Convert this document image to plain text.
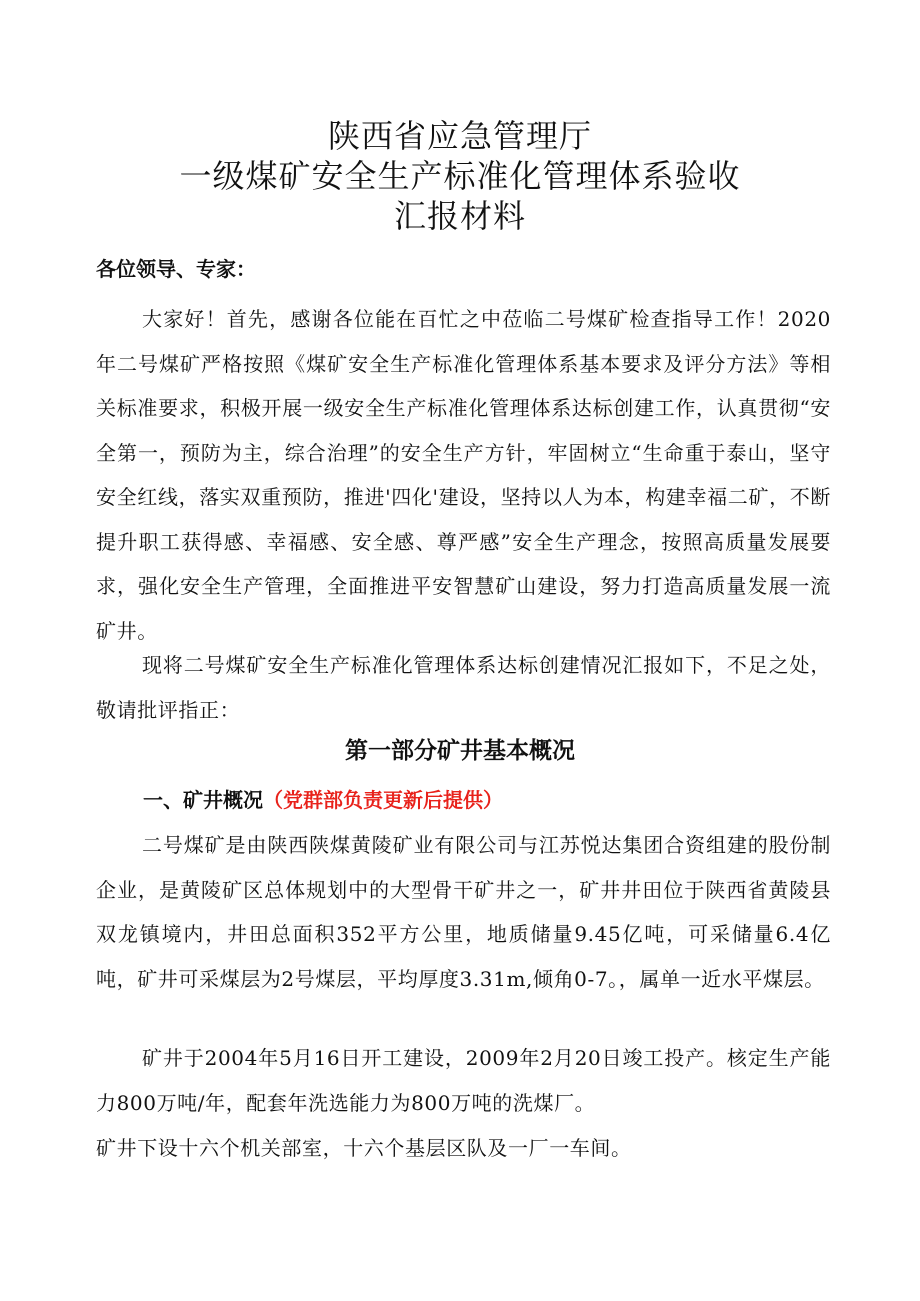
陕西省应急管理厅

一级煤矿安全生产标准化管理体系验收

汇报材料

各位领导、专家：

大家好！首先，感谢各位能在百忙之中莅临二号煤矿检查指导工作！2020年二号煤矿严格按照《煤矿安全生产标准化管理体系基本要求及评分方法》等相关标准要求，积极开展一级安全生产标准化管理体系达标创建工作，认真贯彻“安全第一，预防为主，综合治理”的安全生产方针，牢固树立“生命重于泰山，坚守安全红线，落实双重预防，推进'四化'建设，坚持以人为本，构建幸福二矿，不断提升职工获得感、幸福感、安全感、尊严感”安全生产理念，按照高质量发展要求，强化安全生产管理，全面推进平安智慧矿山建设，努力打造高质量发展一流矿井。

现将二号煤矿安全生产标准化管理体系达标创建情况汇报如下，不足之处，敬请批评指正：

第一部分矿井基本概况

一、矿井概况（党群部负责更新后提供）

二号煤矿是由陕西陕煤黄陵矿业有限公司与江苏悦达集团合资组建的股份制企业，是黄陵矿区总体规划中的大型骨干矿井之一，矿井井田位于陕西省黄陵县双龙镇境内，井田总面积352平方公里，地质储量9.45亿吨，可采储量6.4亿吨，矿井可采煤层为2号煤层，平均厚度3.31m,倾角0-7。，属单一近水平煤层。

矿井于2004年5月16日开工建设，2009年2月20日竣工投产。核定生产能力800万吨/年，配套年洗选能力为800万吨的洗煤厂。

矿井下设十六个机关部室，十六个基层区队及一厂一车间。
